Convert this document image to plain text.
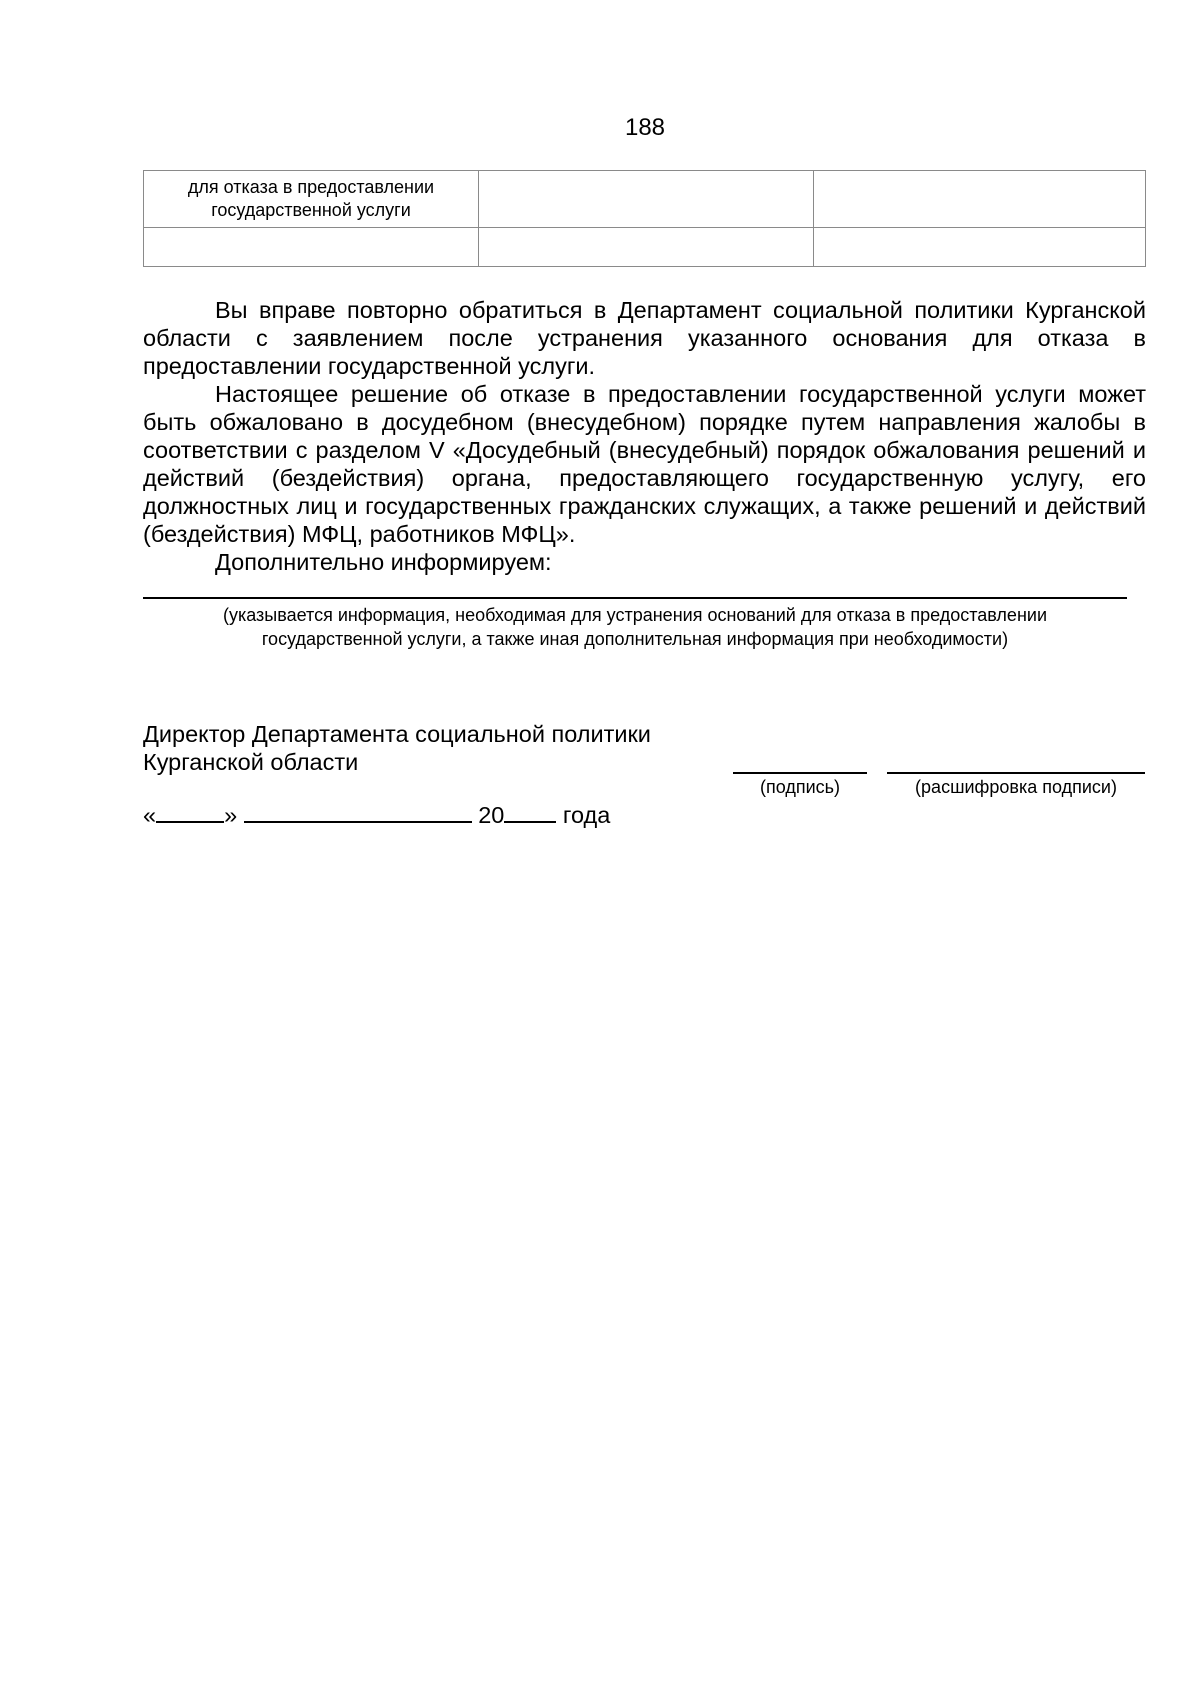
188
для отказа в предоставлении
государственной услуги		

Вы вправе повторно обратиться в Департамент социальной политики Курганской области с заявлением после устранения указанного основания для отказа в предоставлении государственной услуги.

Настоящее решение об отказе в предоставлении государственной услуги может быть обжаловано в досудебном (внесудебном) порядке путем направления жалобы в соответствии с разделом V «Досудебный (внесудебный) порядок обжалования решений и действий (бездействия) органа, предоставляющего государственную услугу, его должностных лиц и государственных гражданских служащих, а также решений и действий (бездействия) МФЦ, работников МФЦ».

Дополнительно информируем:

(указывается информация, необходимая для устранения оснований для отказа в предоставлении
государственной услуги, а также иная дополнительная информация при необходимости)
Директор Департамента социальной политики
Курганской области
(подпись)	(расшифровка подписи)
«	»	20 года
